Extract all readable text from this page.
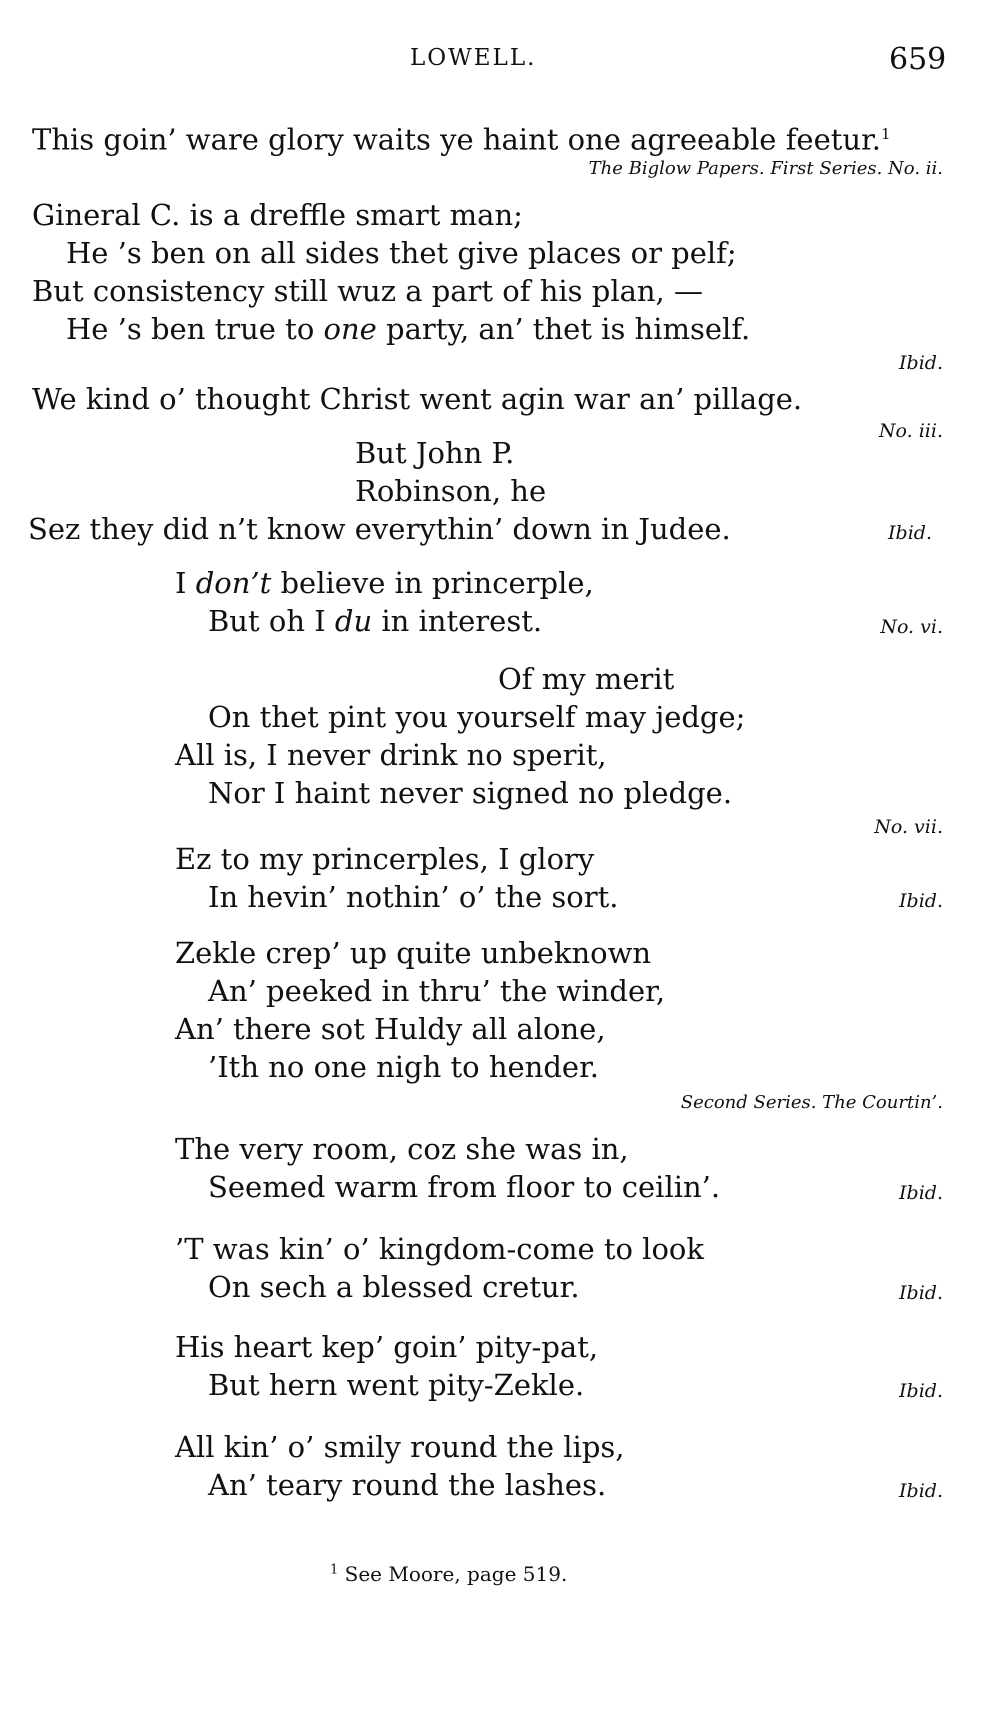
LOWELL.	659
This goin’ ware glory waits ye haint one agreeable feetur.$^1$
The Biglow Papers. First Series. No. ii.
Gineral C. is a dreffle smart man;
He ’s ben on all sides thet give places or pelf;
But consistency still wuz a part of his plan, —
He ’s ben true to one party, an’ thet is himself.
Ibid.
We kind o’ thought Christ went agin war an’ pillage.
No. iii.
But John P.
Robinson, he
Sez they did n’t know everythin’ down in Judee.	Ibid.
I don’t believe in princerple,
But oh I du in interest.	No. vi.
Of my merit
On thet pint you yourself may jedge;
All is, I never drink no sperit,
Nor I haint never signed no pledge.
No. vii.
Ez to my princerples, I glory
In hevin’ nothin’ o’ the sort.	Ibid.
Zekle crep’ up quite unbeknown
An’ peeked in thru’ the winder,
An’ there sot Huldy all alone,
’Ith no one nigh to hender.
Second Series. The Courtin’.
The very room, coz she was in,
Seemed warm from floor to ceilin’.	Ibid.
’T was kin’ o’ kingdom-come to look
On sech a blessed cretur.	Ibid.
His heart kep’ goin’ pity-pat,
But hern went pity-Zekle.	Ibid.
All kin’ o’ smily round the lips,
An’ teary round the lashes.	Ibid.
$^1$ See Moore, page 519.
